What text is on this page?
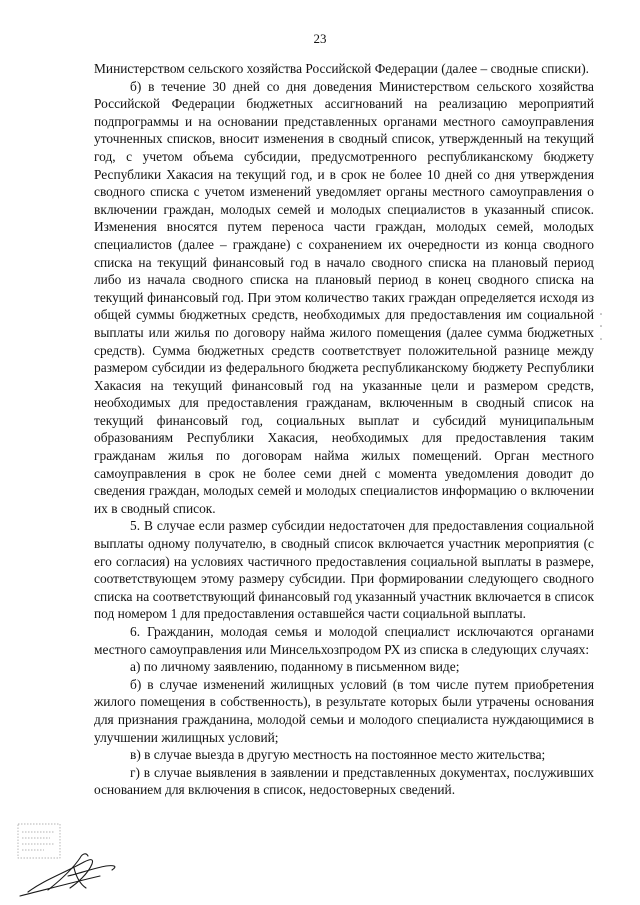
23

Министерством сельского хозяйства Российской Федерации (далее – сводные списки).

б) в течение 30 дней со дня доведения Министерством сельского хозяйства Российской Федерации бюджетных ассигнований на реализацию мероприятий подпрограммы и на основании представленных органами местного самоуправления уточненных списков, вносит изменения в сводный список, утвержденный на текущий год, с учетом объема субсидии, предусмотренного республиканскому бюджету Республики Хакасия на текущий год, и в срок не более 10 дней со дня утверждения сводного списка с учетом изменений уведомляет органы местного самоуправления о включении граждан, молодых семей и молодых специалистов в указанный список. Изменения вносятся путем переноса части граждан, молодых семей, молодых специалистов (далее – граждане) с сохранением их очередности из конца сводного списка на текущий финансовый год в начало сводного списка на плановый период либо из начала сводного списка на плановый период в конец сводного списка на текущий финансовый год. При этом количество таких граждан определяется исходя из общей суммы бюджетных средств, необходимых для предоставления им социальной выплаты или жилья по договору найма жилого помещения (далее сумма бюджетных средств). Сумма бюджетных средств соответствует положительной разнице между размером субсидии из федерального бюджета республиканскому бюджету Республики Хакасия на текущий финансовый год на указанные цели и размером средств, необходимых для предоставления гражданам, включенным в сводный список на текущий финансовый год, социальных выплат и субсидий муниципальным образованиям Республики Хакасия, необходимых для предоставления таким гражданам жилья по договорам найма жилых помещений. Орган местного самоуправления в срок не более семи дней с момента уведомления доводит до сведения граждан, молодых семей и молодых специалистов информацию о включении их в сводный список.

5. В случае если размер субсидии недостаточен для предоставления социальной выплаты одному получателю, в сводный список включается участник мероприятия (с его согласия) на условиях частичного предоставления социальной выплаты в размере, соответствующем этому размеру субсидии. При формировании следующего сводного списка на соответствующий финансовый год указанный участник включается в список под номером 1 для предоставления оставшейся части социальной выплаты.

6. Гражданин, молодая семья и молодой специалист исключаются органами местного самоуправления или Минсельхозпродом РХ из списка в следующих случаях:

а) по личному заявлению, поданному в письменном виде;

б) в случае изменений жилищных условий (в том числе путем приобретения жилого помещения в собственность), в результате которых были утрачены основания для признания гражданина, молодой семьи и молодого специалиста нуждающимися в улучшении жилищных условий;

в) в случае выезда в другую местность на постоянное место жительства;

г) в случае выявления в заявлении и представленных документах, послуживших основанием для включения в список, недостоверных сведений.
